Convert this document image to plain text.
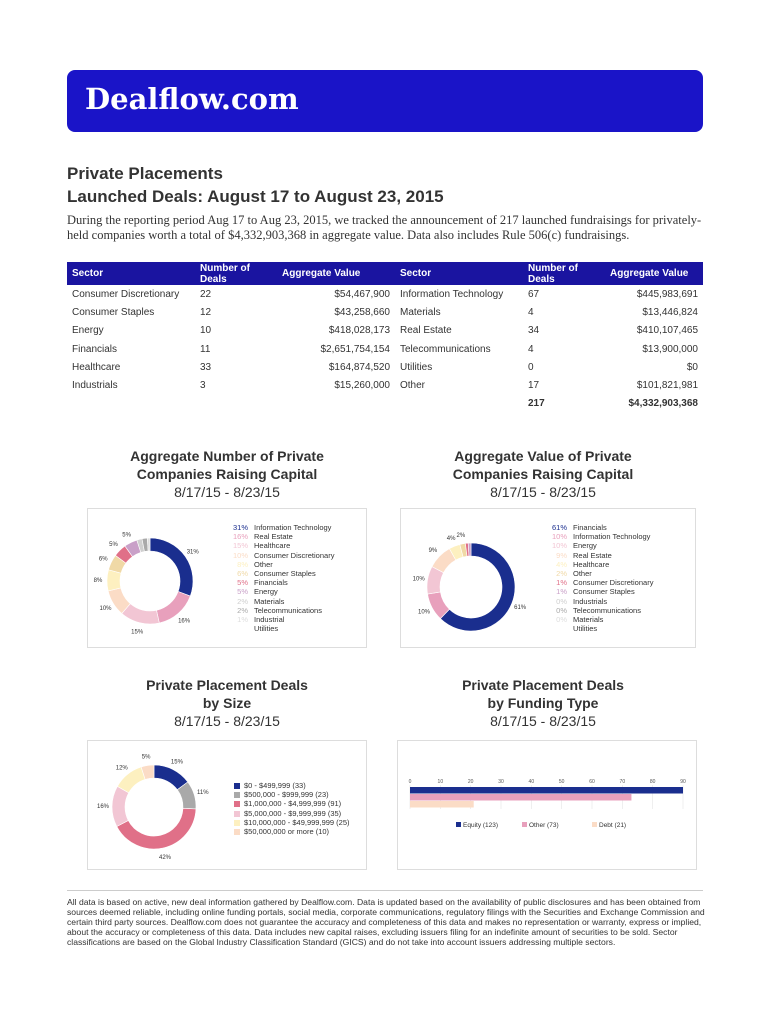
Dealflow.com
Private Placements
Launched Deals: August 17 to August 23, 2015
During the reporting period Aug 17 to Aug 23, 2015, we tracked the announcement of 217 launched fundraisings for privately-held companies worth a total of $4,332,903,368 in aggregate value. Data also includes Rule 506(c) fundraisings.
Sector	Number of Deals	Aggregate Value	Sector	Number of Deals	Aggregate Value
Consumer Discretionary	22	$54,467,900	Information Technology	67	$445,983,691
Consumer Staples	12	$43,258,660	Materials	4	$13,446,824
Energy	10	$418,028,173	Real Estate	34	$410,107,465
Financials	11	$2,651,754,154	Telecommunications	4	$13,900,000
Healthcare	33	$164,874,520	Utilities	0	$0
Industrials	3	$15,260,000	Other	17	$101,821,981
				217	$4,332,903,368
Aggregate Number of Private
Companies Raising Capital
8/17/15 - 8/23/15
Aggregate Value of Private
Companies Raising Capital
8/17/15 - 8/23/15
Private Placement Deals
by Size
8/17/15 - 8/23/15
Private Placement Deals
by Funding Type
8/17/15 - 8/23/15
31%
16%
15%
10%
8%
6%
5%
5%
31% Information Technology
16% Real Estate
15% Healthcare
10% Consumer Discretionary
8% Other
6% Consumer Staples
5% Financials
5% Energy
2% Materials
2% Telecommunications
1% Industrial
Utilities
61%
10%
10%
9%
4% 2%
61% Financials
10% Information Technology
10% Energy
9% Real Estate
4% Healthcare
2% Other
1% Consumer Discretionary
1% Consumer Staples
0% Industrials
0% Telecommunications
0% Materials
Utilities
15%
11%
42%
16%
12%
5%
$0 - $499,999 (33)
$500,000 - $999,999 (23)
$1,000,000 - $4,999,999 (91)
$5,000,000 - $9,999,999 (35)
$10,000,000 - $49,999,999 (25)
$50,000,000 or more (10)
0	10	20	30	40	50	60	70	80	90
Equity (123)	Other (73)	Debt (21)
All data is based on active, new deal information gathered by Dealflow.com. Data is updated based on the availability of public disclosures and has been obtained from sources deemed reliable, including online funding portals, social media, corporate communications, regulatory filings with the Securities and Exchange Commission and certain third party sources. Dealflow.com does not guarantee the accuracy and completeness of this data and makes no representation or warranty, express or implied, about the accuracy or completeness of this data. Data includes new capital raises, excluding issuers filing for an indefinite amount of securities to be sold. Sector classifications are based on the Global Industry Classification Standard (GICS) and do not take into account issuers addressing multiple sectors.
